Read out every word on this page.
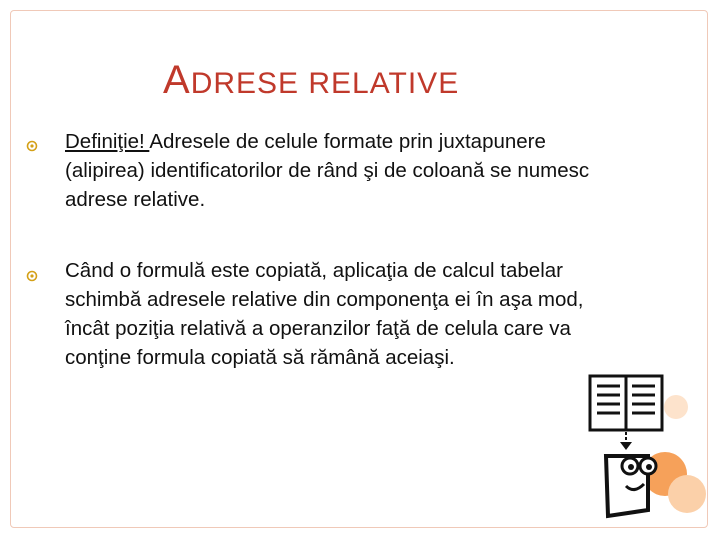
ADRESE RELATIVE
Definiţie! Adresele de celule formate prin juxtapunere (alipirea) identificatorilor de rând şi de coloană se numesc adrese relative.
Când o formulă este copiată, aplicaţia de calcul tabelar schimbă adresele relative din componenţa ei în aşa mod, încât poziţia relativă a operanzilor faţă de celula care va conţine formula copiată să rămână aceiaşi.
